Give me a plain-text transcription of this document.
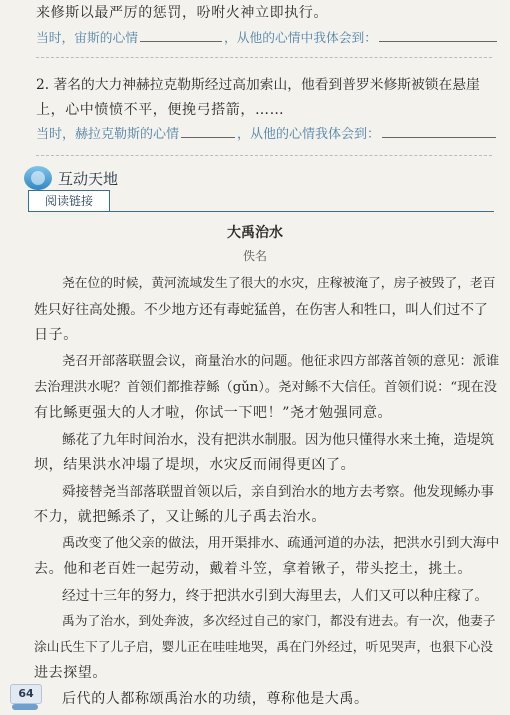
来修斯以最严厉的惩罚，吩咐火神立即执行。
当时，宙斯的心情	，从他的心情中我体会到：
2. 著名的大力神赫拉克勒斯经过高加索山，他看到普罗米修斯被锁在悬崖
上，心中愤愤不平，便挽弓搭箭，……
当时，赫拉克勒斯的心情	，从他的心情我体会到：
互动天地
阅读链接
大禹治水
佚名
尧在位的时候，黄河流域发生了很大的水灾，庄稼被淹了，房子被毁了，老百
姓只好往高处搬。不少地方还有毒蛇猛兽，在伤害人和牲口，叫人们过不了
日子。
尧召开部落联盟会议，商量治水的问题。他征求四方部落首领的意见：派谁
去治理洪水呢？首领们都推荐鲧（gǔn）。尧对鲧不大信任。首领们说：“现在没
有比鲧更强大的人才啦，你试一下吧！”尧才勉强同意。
鲧花了九年时间治水，没有把洪水制服。因为他只懂得水来土掩，造堤筑
坝，结果洪水冲塌了堤坝，水灾反而闹得更凶了。
舜接替尧当部落联盟首领以后，亲自到治水的地方去考察。他发现鲧办事
不力，就把鲧杀了，又让鲧的儿子禹去治水。
禹改变了他父亲的做法，用开渠排水、疏通河道的办法，把洪水引到大海中
去。他和老百姓一起劳动，戴着斗笠，拿着锹子，带头挖土，挑土。
经过十三年的努力，终于把洪水引到大海里去，人们又可以种庄稼了。
禹为了治水，到处奔波，多次经过自己的家门，都没有进去。有一次，他妻子
涂山氏生下了儿子启，婴儿正在哇哇地哭，禹在门外经过，听见哭声，也狠下心没
进去探望。
后代的人都称颂禹治水的功绩，尊称他是大禹。
64
